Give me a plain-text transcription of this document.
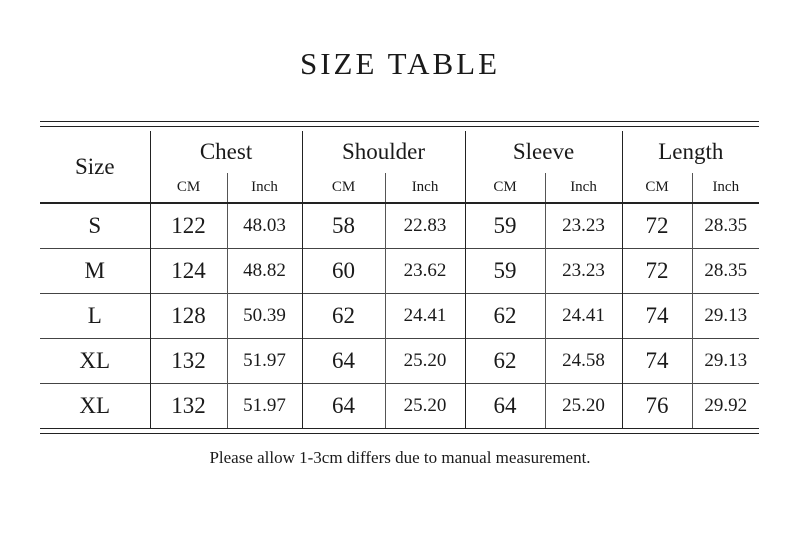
SIZE TABLE
Size	Chest		Shoulder		Sleeve		Length	
	CM	Inch	CM	Inch	CM	Inch	CM	Inch
S	122	48.03	58	22.83	59	23.23	72	28.35
M	124	48.82	60	23.62	59	23.23	72	28.35
L	128	50.39	62	24.41	62	24.41	74	29.13
XL	132	51.97	64	25.20	62	24.58	74	29.13
XL	132	51.97	64	25.20	64	25.20	76	29.92
Please allow 1-3cm differs due to manual measurement.
